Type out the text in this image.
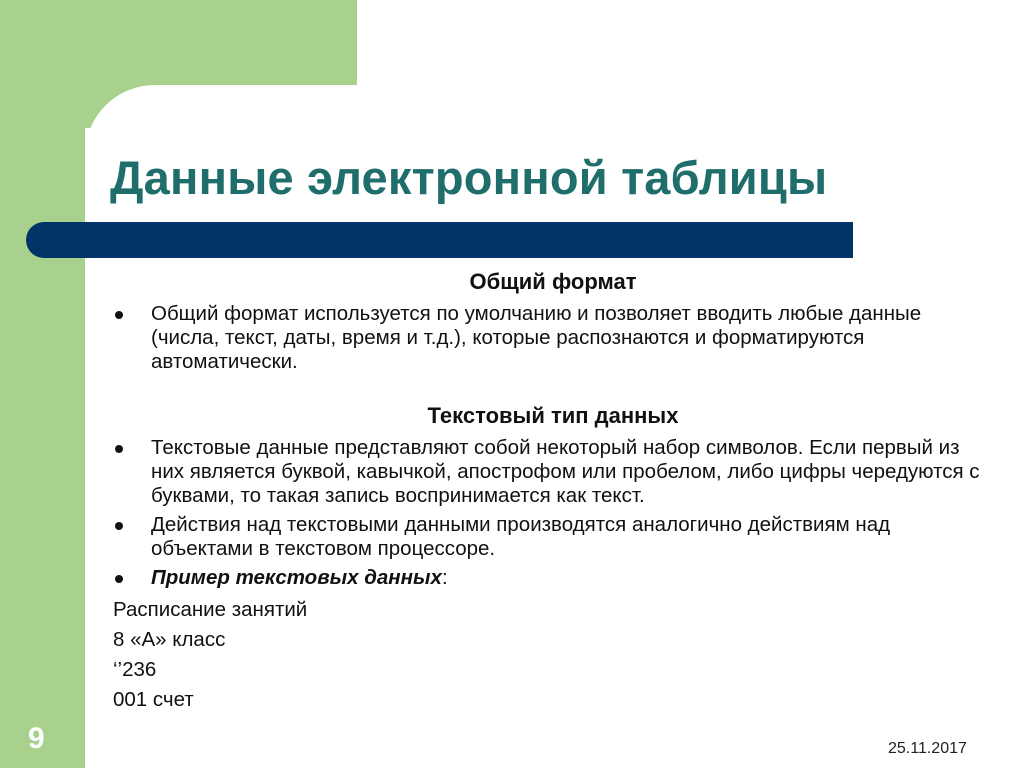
Данные электронной таблицы

Общий формат

Общий формат используется по умолчанию и позволяет вводить любые данные (числа, текст, даты, время и т.д.), которые распознаются и форматируются автоматически.

Текстовый тип данных

Текстовые данные представляют собой некоторый набор символов. Если первый из них является буквой, кавычкой, апострофом или пробелом, либо цифры чередуются с буквами, то такая запись воспринимается как текст.
Действия над текстовыми данными производятся аналогично действиям над объектами в текстовом процессоре.
Пример текстовых данных:

Расписание занятий

8 «А» класс

‘’236

001 счет

9	25.11.2017
